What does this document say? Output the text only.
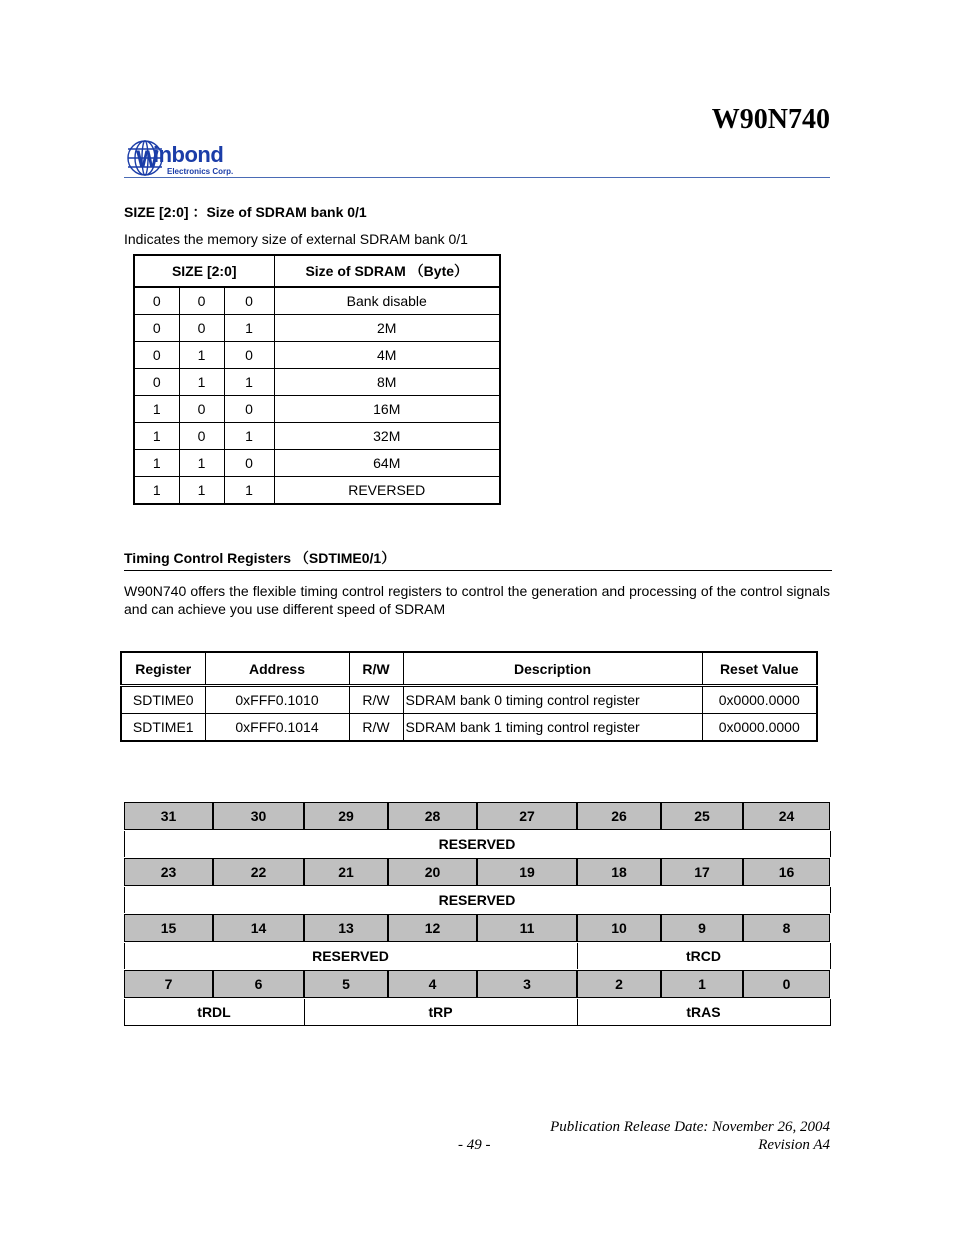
W90N740
W
inbond
Electronics Corp.
SIZE [2:0] ：Size of SDRAM bank 0/1
Indicates the memory size of external SDRAM bank 0/1
SIZE [2:0]			Size of SDRAM （Byte）
0	0	0	Bank disable
0	0	1	2M
0	1	0	4M
0	1	1	8M
1	0	0	16M
1	0	1	32M
1	1	0	64M
1	1	1	REVERSED
Timing Control Registers （SDTIME0/1）
W90N740 offers the flexible timing control registers to control the generation and processing of the control signals and can achieve you use different speed of SDRAM
Register	Address	R/W	Description	Reset Value
SDTIME0	0xFFF0.1010	R/W	SDRAM bank 0 timing control register	0x0000.0000
SDTIME1	0xFFF0.1014	R/W	SDRAM bank 1 timing control register	0x0000.0000
31	30	29	28	27	26	25	24
RESERVED							
23	22	21	20	19	18	17	16
RESERVED							
15	14	13	12	11	10	9	8
RESERVED					tRCD		
7	6	5	4	3	2	1	0
tRDL		tRP			tRAS		
Publication Release Date: November 26, 2004
- 49 -	Revision A4
